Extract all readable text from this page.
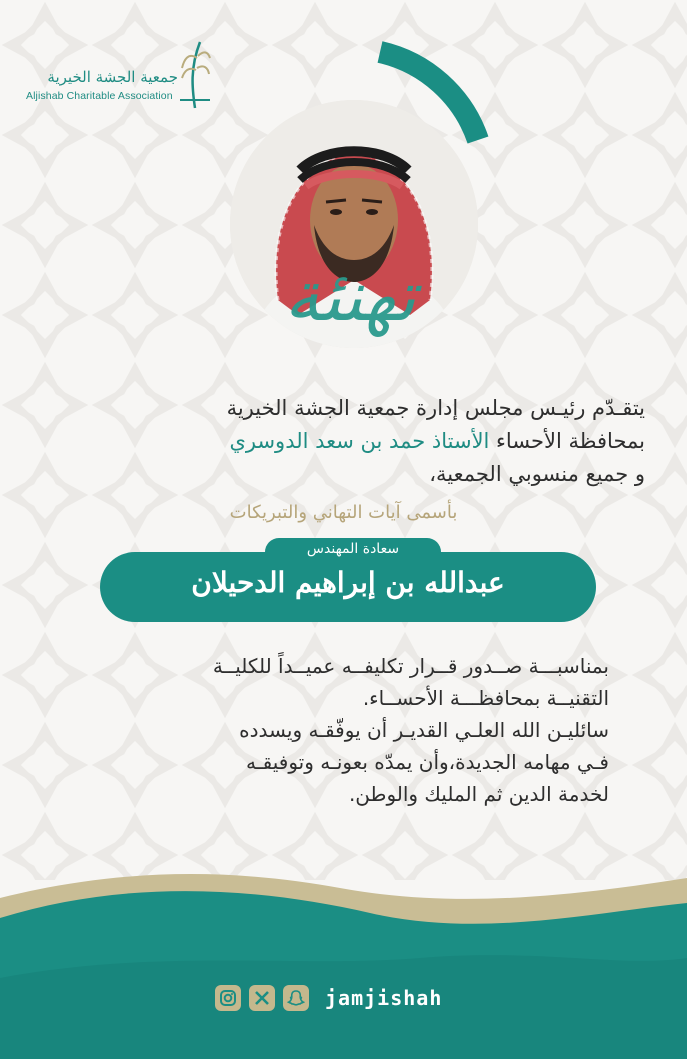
جمعية الجشة الخيرية
Aljishab Charitable Association
تهنئة
يتقـدّم رئيـس مجلس إدارة جمعية الجشة الخيرية
بمحافظة الأحساء الأستاذ حمد بن سعد الدوسري
و جميع منسوبي الجمعية،
بأسمى آيات التهاني والتبريكات
سعادة المهندس
عبدالله بن إبراهيم الدحيلان
بمناسبـــة صــدور قــرار تكليفــه عميــداً للكليــة
التقنيــة بمحافظـــة الأحســاء.
سائليـن الله العلـي القديـر أن يوفّقـه ويسدده
فـي مهامه الجديدة،وأن يمدّه بعونـه وتوفيقـه
لخدمة الدين ثم المليك والوطن.
jamjishah
